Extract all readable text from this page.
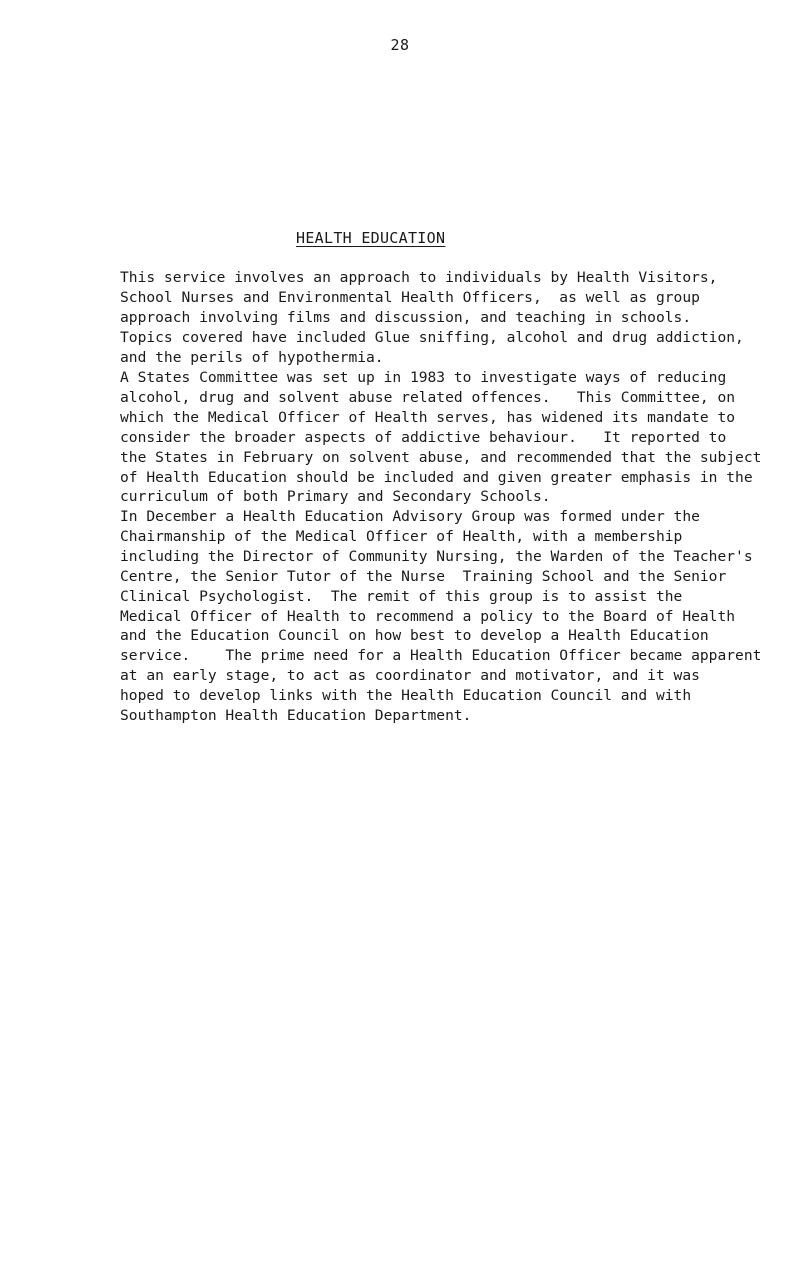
28
HEALTH EDUCATION
This service involves an approach to individuals by Health Visitors,
School Nurses and Environmental Health Officers,  as well as group
approach involving films and discussion, and teaching in schools.
Topics covered have included Glue sniffing, alcohol and drug addiction,
and the perils of hypothermia.
A States Committee was set up in 1983 to investigate ways of reducing
alcohol, drug and solvent abuse related offences.   This Committee, on
which the Medical Officer of Health serves, has widened its mandate to
consider the broader aspects of addictive behaviour.   It reported to
the States in February on solvent abuse, and recommended that the subject
of Health Education should be included and given greater emphasis in the
curriculum of both Primary and Secondary Schools.
In December a Health Education Advisory Group was formed under the
Chairmanship of the Medical Officer of Health, with a membership
including the Director of Community Nursing, the Warden of the Teacher's
Centre, the Senior Tutor of the Nurse  Training School and the Senior
Clinical Psychologist.  The remit of this group is to assist the
Medical Officer of Health to recommend a policy to the Board of Health
and the Education Council on how best to develop a Health Education
service.    The prime need for a Health Education Officer became apparent
at an early stage, to act as coordinator and motivator, and it was
hoped to develop links with the Health Education Council and with
Southampton Health Education Department.
